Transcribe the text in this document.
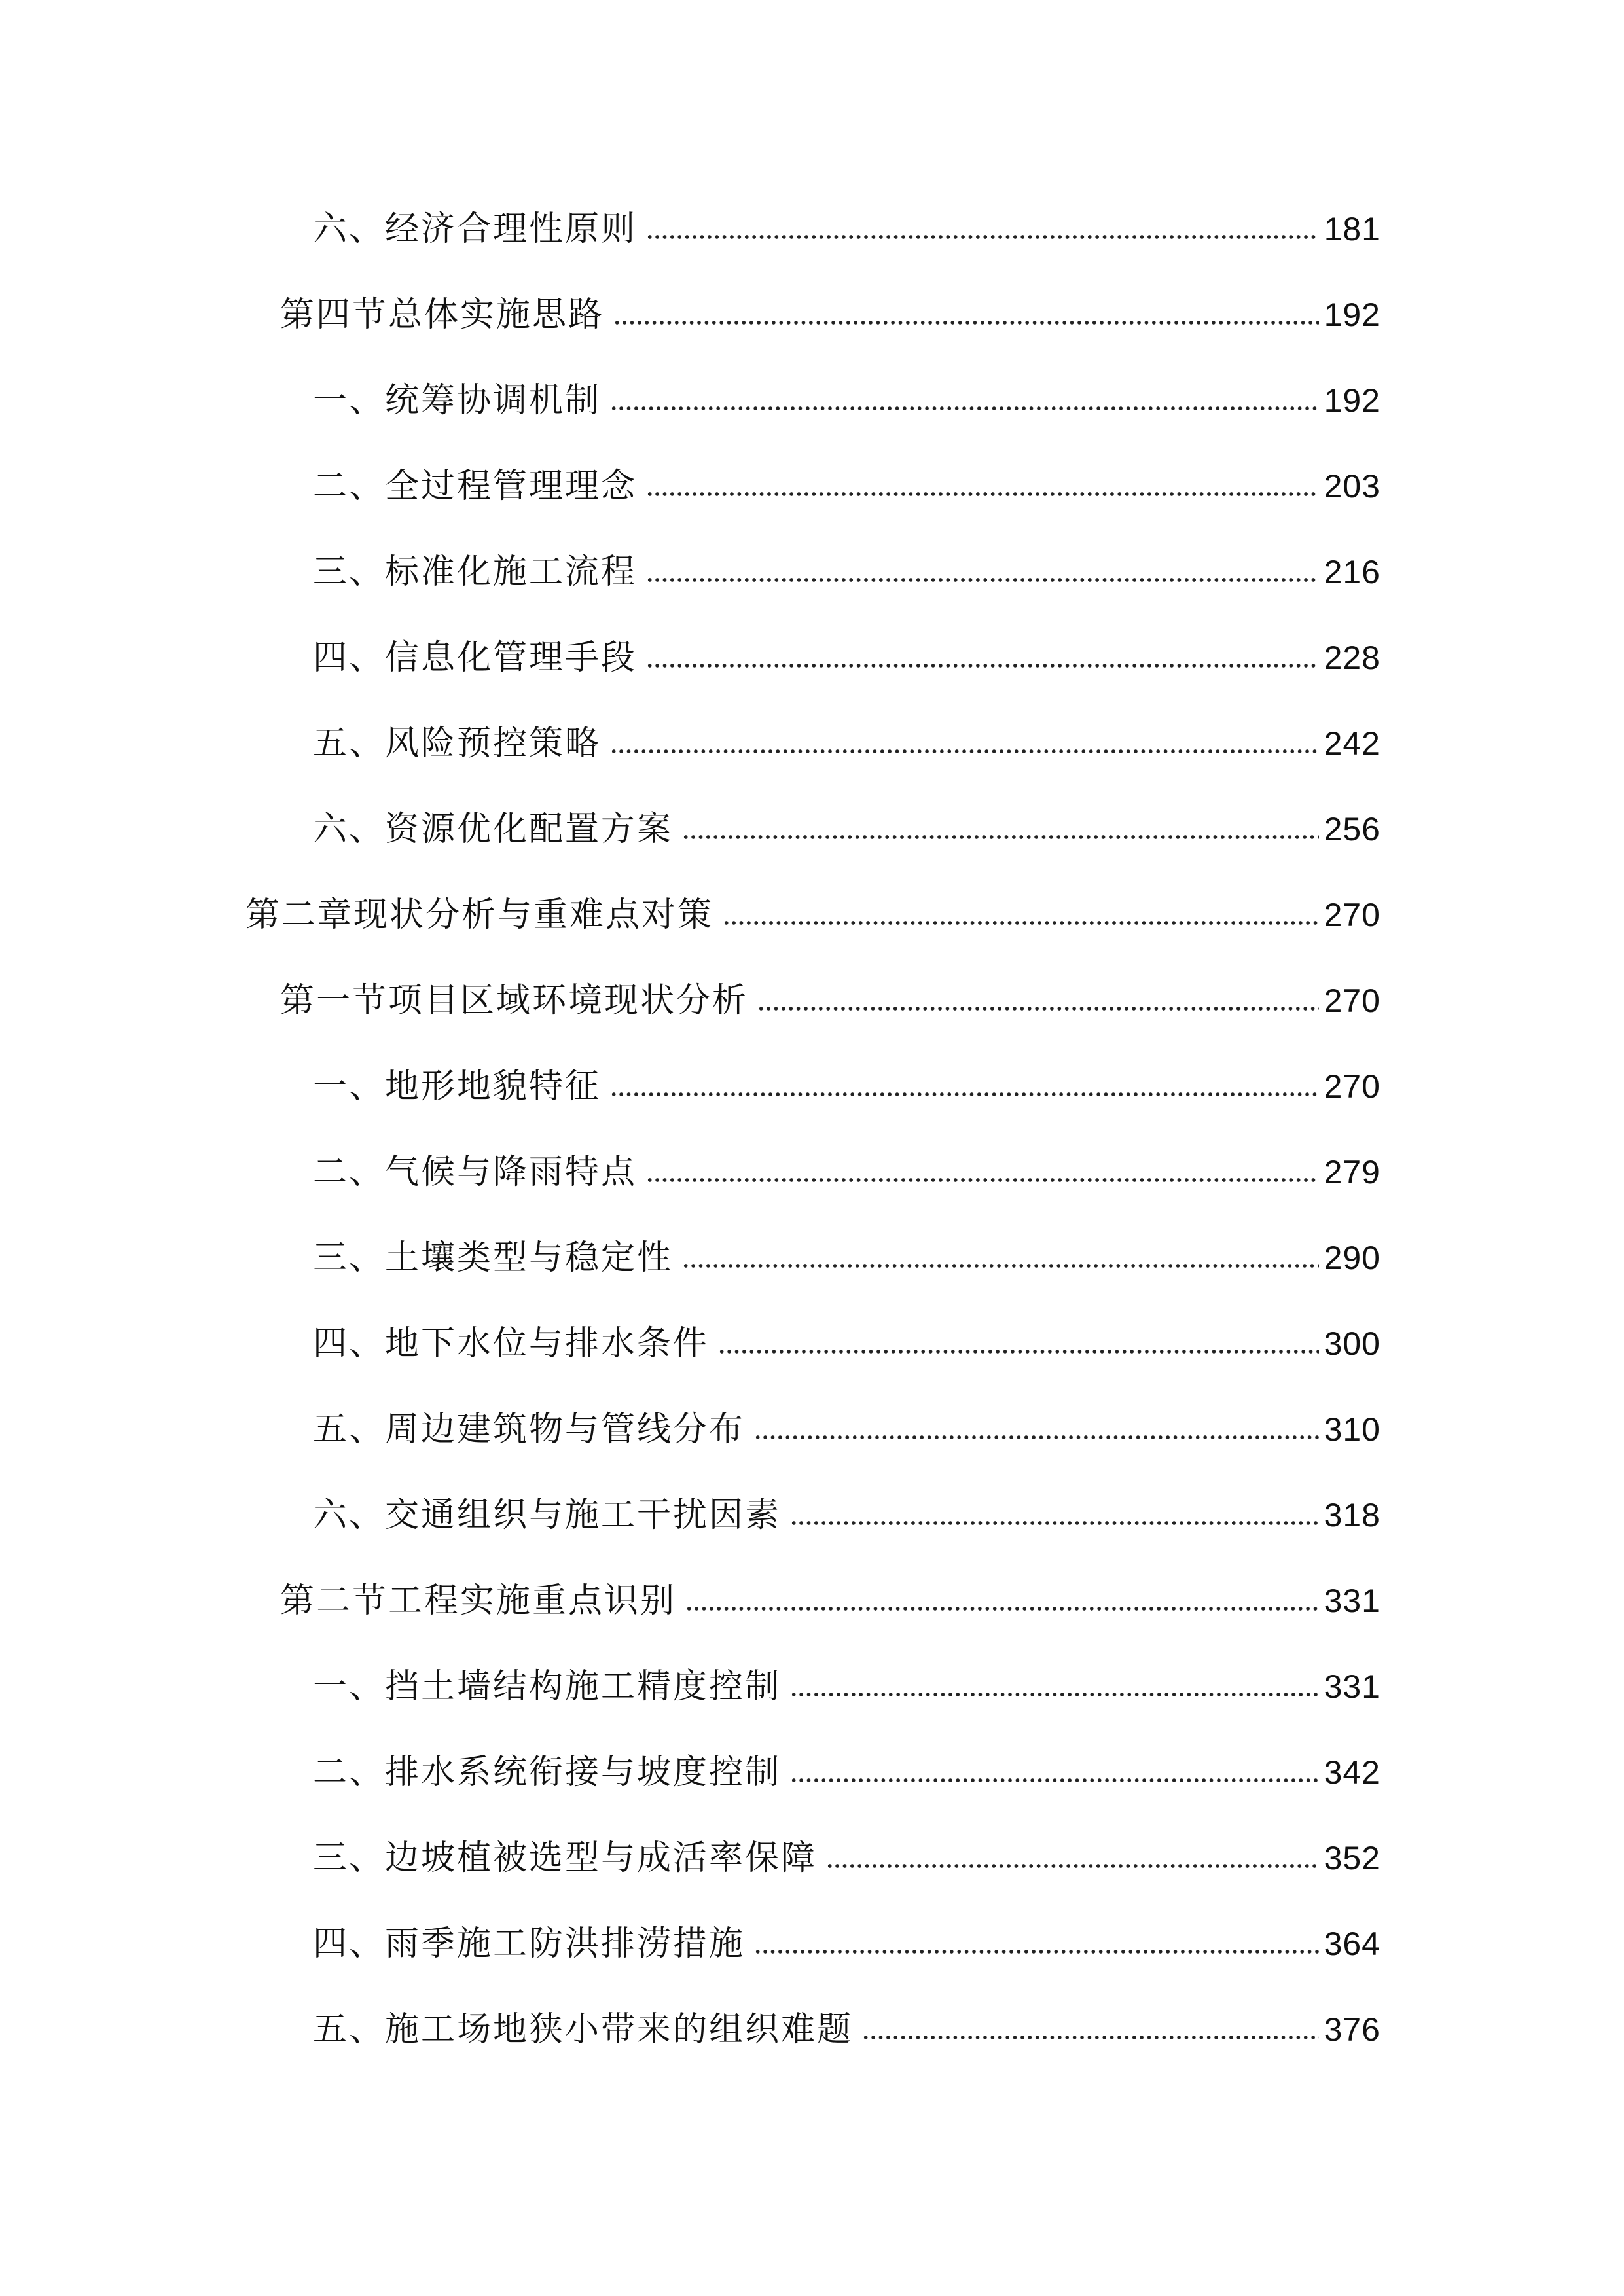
六、经济合理性原则	181
第四节总体实施思路	192
一、统筹协调机制	192
二、全过程管理理念	203
三、标准化施工流程	216
四、信息化管理手段	228
五、风险预控策略	242
六、资源优化配置方案	256
第二章现状分析与重难点对策	270
第一节项目区域环境现状分析	270
一、地形地貌特征	270
二、气候与降雨特点	279
三、土壤类型与稳定性	290
四、地下水位与排水条件	300
五、周边建筑物与管线分布	310
六、交通组织与施工干扰因素	318
第二节工程实施重点识别	331
一、挡土墙结构施工精度控制	331
二、排水系统衔接与坡度控制	342
三、边坡植被选型与成活率保障	352
四、雨季施工防洪排涝措施	364
五、施工场地狭小带来的组织难题	376
